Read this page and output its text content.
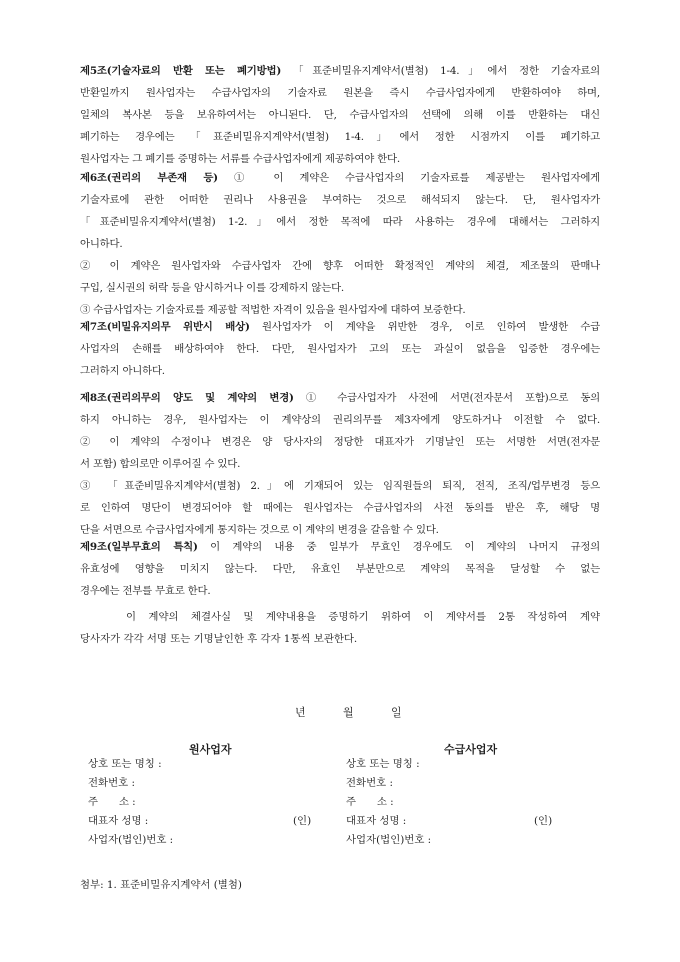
제5조(기술자료의 반환 또는 폐기방법) 「표준비밀유지계약서(별첨) 1-4.」에서 정한 기술자료의
반환일까지 원사업자는 수급사업자의 기술자료 원본을 즉시 수급사업자에게 반환하여야 하며,
일체의 복사본 등을 보유하여서는 아니된다. 단, 수급사업자의 선택에 의해 이를 반환하는 대신
폐기하는 경우에는 「표준비밀유지계약서(별첨) 1-4.」에서 정한 시점까지 이를 폐기하고
원사업자는 그 폐기를 증명하는 서류를 수급사업자에게 제공하여야 한다.
제6조(권리의 부존재 등) ① 이 계약은 수급사업자의 기술자료를 제공받는 원사업자에게
기술자료에 관한 어떠한 권리나 사용권을 부여하는 것으로 해석되지 않는다. 단, 원사업자가
「표준비밀유지계약서(별첨) 1-2.」에서 정한 목적에 따라 사용하는 경우에 대해서는 그러하지
아니하다.
② 이 계약은 원사업자와 수급사업자 간에 향후 어떠한 확정적인 계약의 체결, 제조물의 판매나
구입, 실시권의 허락 등을 암시하거나 이를 강제하지 않는다.
③ 수급사업자는 기술자료를 제공할 적법한 자격이 있음을 원사업자에 대하여 보증한다.
제7조(비밀유지의무 위반시 배상) 원사업자가 이 계약을 위반한 경우, 이로 인하여 발생한 수급
사업자의 손해를 배상하여야 한다. 다만, 원사업자가 고의 또는 과실이 없음을 입증한 경우에는
그러하지 아니하다.
제8조(권리의무의 양도 및 계약의 변경) ① 수급사업자가 사전에 서면(전자문서 포함)으로 동의
하지 아니하는 경우, 원사업자는 이 계약상의 권리의무를 제3자에게 양도하거나 이전할 수 없다.
② 이 계약의 수정이나 변경은 양 당사자의 정당한 대표자가 기명날인 또는 서명한 서면(전자문
서 포함) 합의로만 이루어질 수 있다.
③ 「표준비밀유지계약서(별첨) 2.」에 기재되어 있는 임직원들의 퇴직, 전직, 조직/업무변경 등으
로 인하여 명단이 변경되어야 할 때에는 원사업자는 수급사업자의 사전 동의를 받은 후, 해당 명
단을 서면으로 수급사업자에게 통지하는 것으로 이 계약의 변경을 갈음할 수 있다.
제9조(일부무효의 특칙) 이 계약의 내용 중 일부가 무효인 경우에도 이 계약의 나머지 규정의
유효성에 영향을 미치지 않는다. 다만, 유효인 부분만으로 계약의 목적을 달성할 수 없는
경우에는 전부를 무효로 한다.
이 계약의 체결사실 및 계약내용을 증명하기 위하여 이 계약서를 2통 작성하여 계약
당사자가 각각 서명 또는 기명날인한 후 각자 1통씩 보관한다.
년	월	일
원사업자
상호 또는 명칭 :
전화번호 :
주　　소 :
대표자 성명 :	(인)
사업자(법인)번호 :
수급사업자
상호 또는 명칭 :
전화번호 :
주　　소 :
대표자 성명 :	(인)
사업자(법인)번호 :
첨부: 1. 표준비밀유지계약서 (별첨)
